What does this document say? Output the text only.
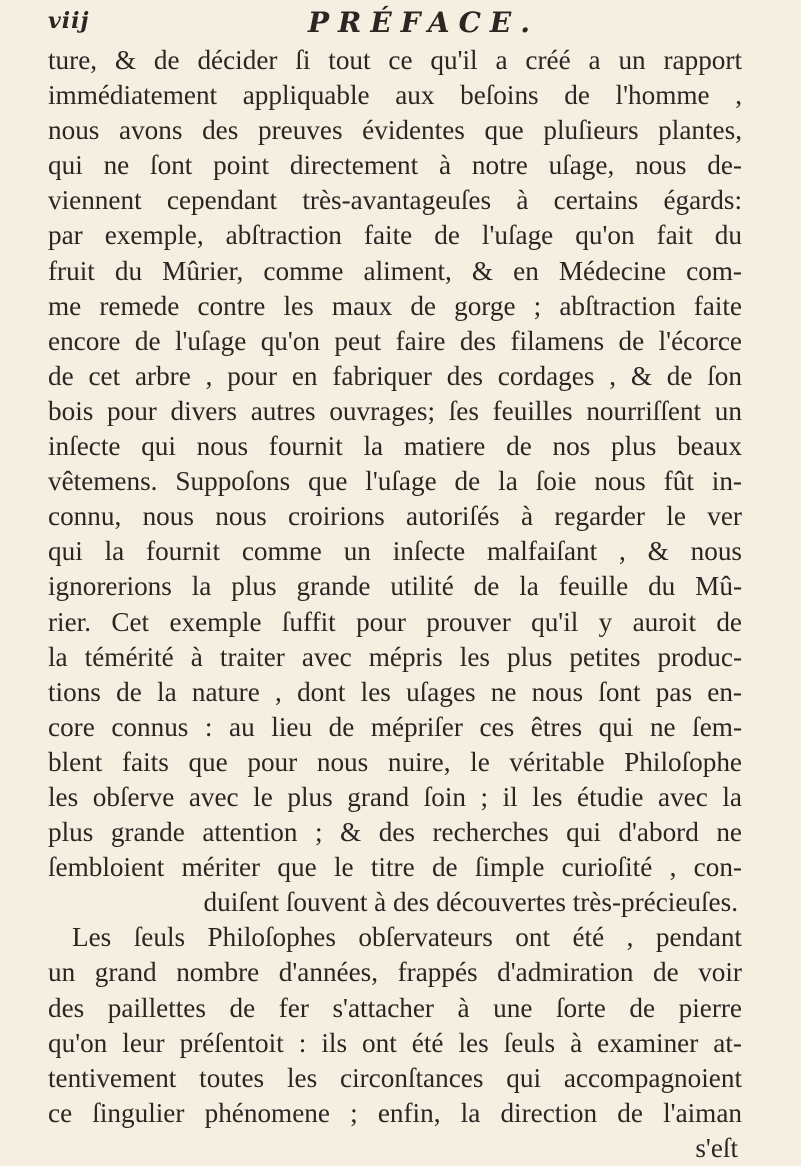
viij	PRÉFACE.
ture, & de décider ſi tout ce qu'il a créé a un rapport
immédiatement appliquable aux beſoins de l'homme ,
nous avons des preuves évidentes que pluſieurs plantes,
qui ne ſont point directement à notre uſage, nous de-
viennent cependant très-avantageuſes à certains égards:
par exemple, abſtraction faite de l'uſage qu'on fait du
fruit du Mûrier, comme aliment, & en Médecine com-
me remede contre les maux de gorge ; abſtraction faite
encore de l'uſage qu'on peut faire des filamens de l'écorce
de cet arbre , pour en fabriquer des cordages , & de ſon
bois pour divers autres ouvrages; ſes feuilles nourriſſent un
inſecte qui nous fournit la matiere de nos plus beaux
vêtemens. Suppoſons que l'uſage de la ſoie nous fût in-
connu, nous nous croirions autoriſés à regarder le ver
qui la fournit comme un inſecte malfaiſant , & nous
ignorerions la plus grande utilité de la feuille du Mû-
rier. Cet exemple ſuffit pour prouver qu'il y auroit de
la témérité à traiter avec mépris les plus petites produc-
tions de la nature , dont les uſages ne nous ſont pas en-
core connus : au lieu de mépriſer ces êtres qui ne ſem-
blent faits que pour nous nuire, le véritable Philoſophe
les obſerve avec le plus grand ſoin ; il les étudie avec la
plus grande attention ; & des recherches qui d'abord ne
ſembloient mériter que le titre de ſimple curioſité , con-
duiſent ſouvent à des découvertes très-précieuſes.
Les ſeuls Philoſophes obſervateurs ont été , pendant
un grand nombre d'années, frappés d'admiration de voir
des paillettes de fer s'attacher à une ſorte de pierre
qu'on leur préſentoit : ils ont été les ſeuls à examiner at-
tentivement toutes les circonſtances qui accompagnoient
ce ſingulier phénomene ; enfin, la direction de l'aiman
s'eſt
